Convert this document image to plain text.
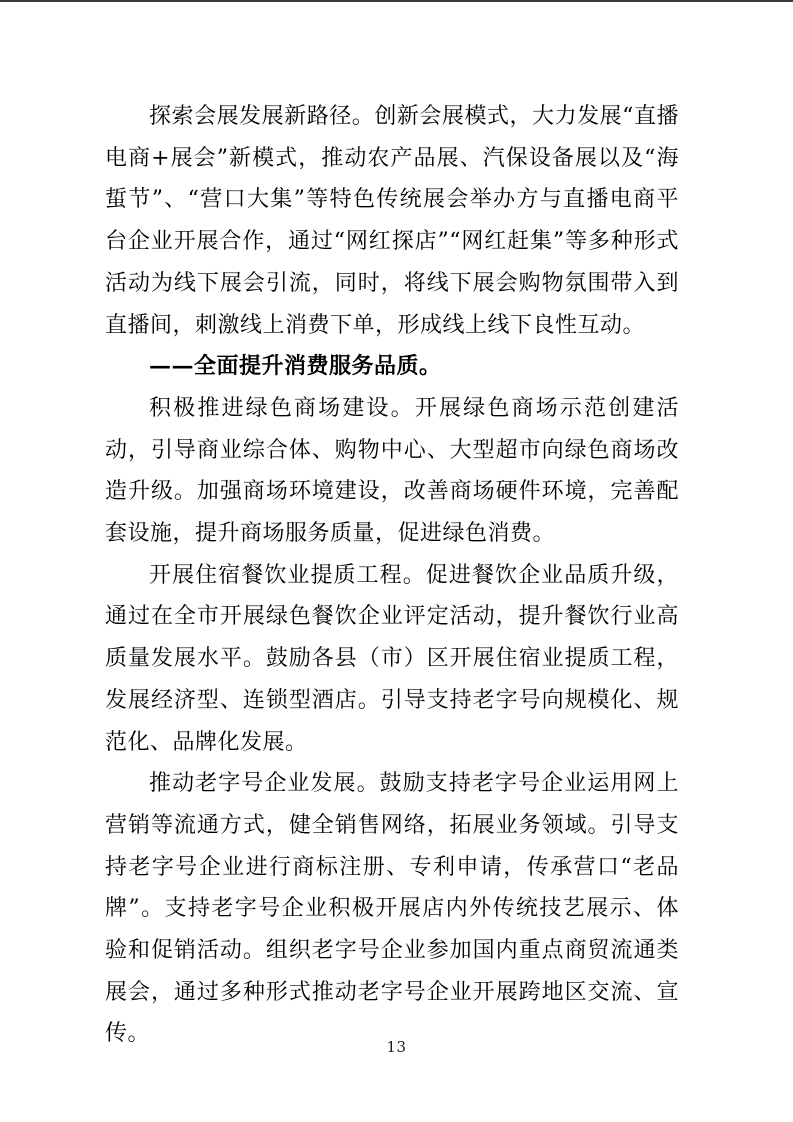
探索会展发展新路径。创新会展模式，大力发展“直播电商+展会”新模式，推动农产品展、汽保设备展以及“海蜇节”、“营口大集”等特色传统展会举办方与直播电商平台企业开展合作，通过“网红探店”“网红赶集”等多种形式活动为线下展会引流，同时，将线下展会购物氛围带入到直播间，刺激线上消费下单，形成线上线下良性互动。

——全面提升消费服务品质。

积极推进绿色商场建设。开展绿色商场示范创建活动，引导商业综合体、购物中心、大型超市向绿色商场改造升级。加强商场环境建设，改善商场硬件环境，完善配套设施，提升商场服务质量，促进绿色消费。

开展住宿餐饮业提质工程。促进餐饮企业品质升级，通过在全市开展绿色餐饮企业评定活动，提升餐饮行业高质量发展水平。鼓励各县（市）区开展住宿业提质工程，发展经济型、连锁型酒店。引导支持老字号向规模化、规范化、品牌化发展。

推动老字号企业发展。鼓励支持老字号企业运用网上营销等流通方式，健全销售网络，拓展业务领域。引导支持老字号企业进行商标注册、专利申请，传承营口“老品牌”。支持老字号企业积极开展店内外传统技艺展示、体验和促销活动。组织老字号企业参加国内重点商贸流通类展会，通过多种形式推动老字号企业开展跨地区交流、宣传。

13
